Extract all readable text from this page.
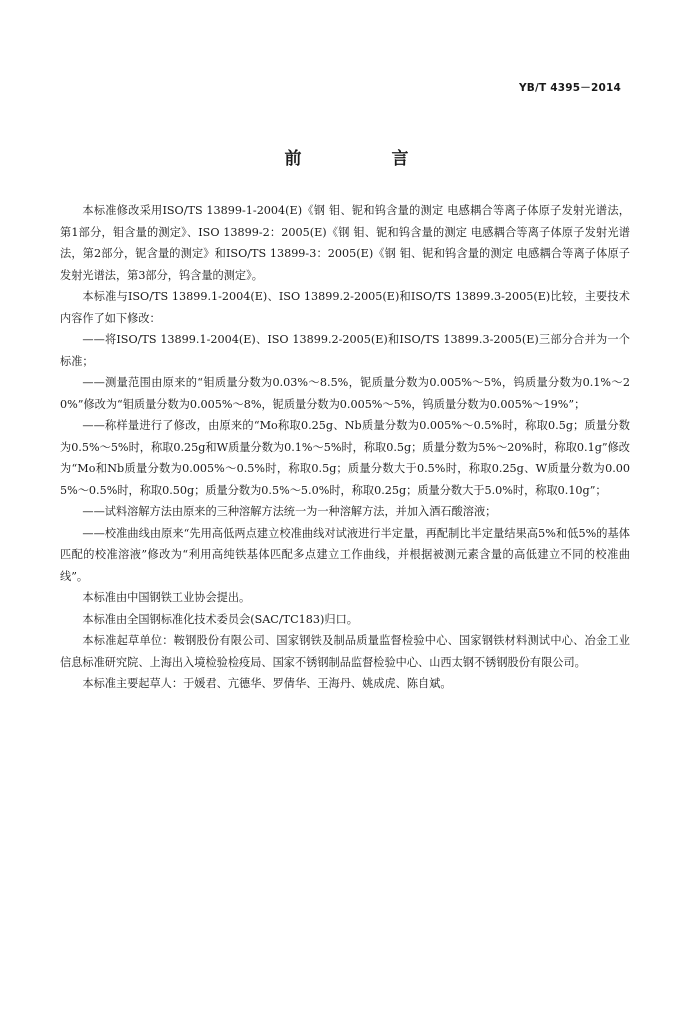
YB/T 4395－2014
前 言

本标准修改采用ISO/TS 13899-1-2004(E)《钢 钼、铌和钨含量的测定 电感耦合等离子体原子发射光谱法，第1部分，钼含量的测定》、ISO 13899-2：2005(E)《钢 钼、铌和钨含量的测定 电感耦合等离子体原子发射光谱法，第2部分，铌含量的测定》和ISO/TS 13899-3：2005(E)《钢 钼、铌和钨含量的测定 电感耦合等离子体原子发射光谱法，第3部分，钨含量的测定》。

本标准与ISO/TS 13899.1-2004(E)、ISO 13899.2-2005(E)和ISO/TS 13899.3-2005(E)比较，主要技术内容作了如下修改：

——将ISO/TS 13899.1-2004(E)、ISO 13899.2-2005(E)和ISO/TS 13899.3-2005(E)三部分合并为一个标准；

——测量范围由原来的“钼质量分数为0.03%～8.5%，铌质量分数为0.005%～5%，钨质量分数为0.1%～20%”修改为“钼质量分数为0.005%～8%，铌质量分数为0.005%～5%，钨质量分数为0.005%～19%”；

——称样量进行了修改，由原来的“Mo称取0.25g、Nb质量分数为0.005%～0.5%时，称取0.5g；质量分数为0.5%～5%时，称取0.25g和W质量分数为0.1%～5%时，称取0.5g；质量分数为5%～20%时，称取0.1g”修改为“Mo和Nb质量分数为0.005%～0.5%时，称取0.5g；质量分数大于0.5%时，称取0.25g、W质量分数为0.005%～0.5%时，称取0.50g；质量分数为0.5%～5.0%时，称取0.25g；质量分数大于5.0%时，称取0.10g”；

——试料溶解方法由原来的三种溶解方法统一为一种溶解方法，并加入酒石酸溶液；

——校准曲线由原来“先用高低两点建立校准曲线对试液进行半定量，再配制比半定量结果高5%和低5%的基体匹配的校准溶液”修改为“利用高纯铁基体匹配多点建立工作曲线，并根据被测元素含量的高低建立不同的校准曲线”。

本标准由中国钢铁工业协会提出。

本标准由全国钢标准化技术委员会(SAC/TC183)归口。

本标准起草单位：鞍钢股份有限公司、国家钢铁及制品质量监督检验中心、国家钢铁材料测试中心、冶金工业信息标准研究院、上海出入境检验检疫局、国家不锈钢制品监督检验中心、山西太钢不锈钢股份有限公司。

本标准主要起草人：于媛君、亢德华、罗倩华、王海丹、姚成虎、陈自斌。
